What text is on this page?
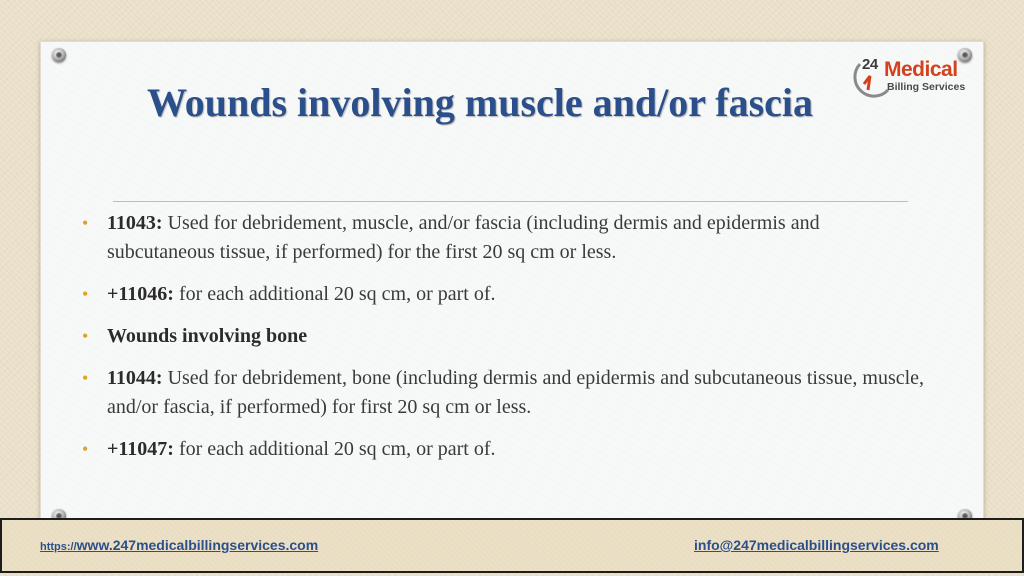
24 Medical
Billing Services
Wounds involving muscle and/or fascia
• 11043: Used for debridement, muscle, and/or fascia (including dermis and epidermis and subcutaneous tissue, if performed) for the first 20 sq cm or less.
• +11046: for each additional 20 sq cm, or part of.
• Wounds involving bone
• 11044: Used for debridement, bone (including dermis and epidermis and subcutaneous tissue, muscle, and/or fascia, if performed) for first 20 sq cm or less.
• +11047: for each additional 20 sq cm, or part of.
https://www.247medicalbillingservices.com	info@247medicalbillingservices.com
